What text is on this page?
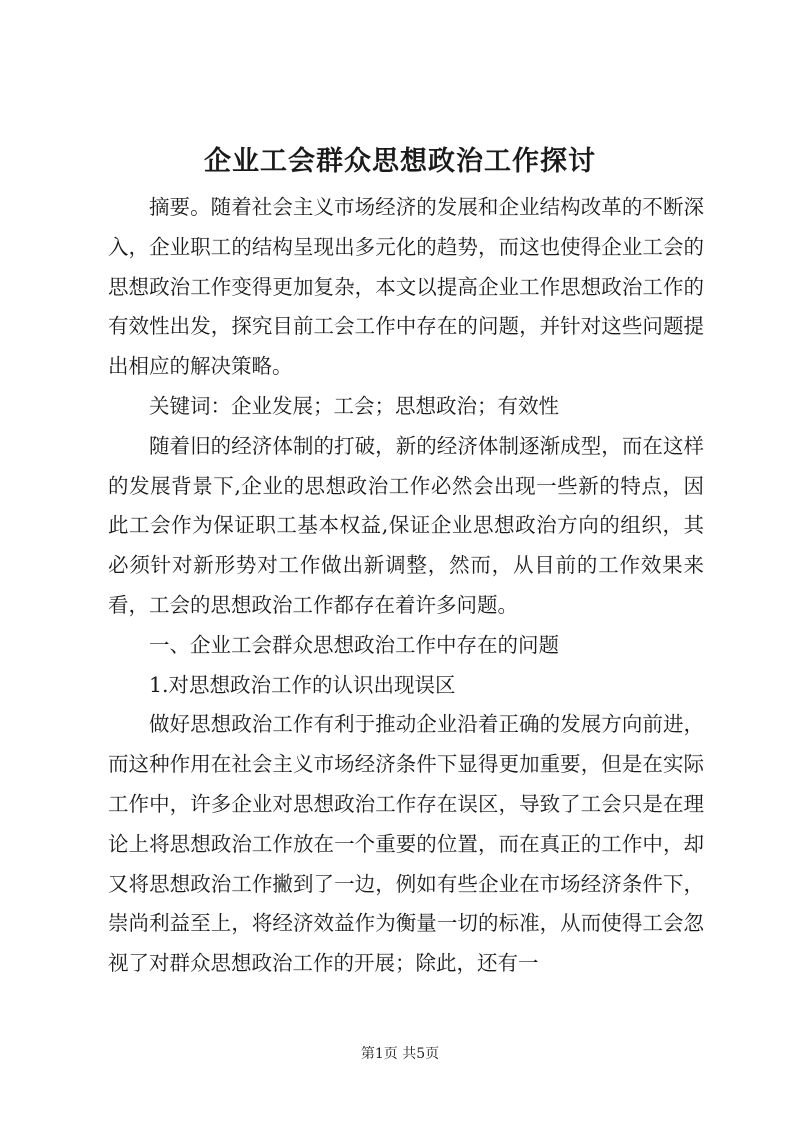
企业工会群众思想政治工作探讨

摘要。随着社会主义市场经济的发展和企业结构改革的不断深入，企业职工的结构呈现出多元化的趋势，而这也使得企业工会的思想政治工作变得更加复杂，本文以提高企业工作思想政治工作的有效性出发，探究目前工会工作中存在的问题，并针对这些问题提出相应的解决策略。

关键词：企业发展；工会；思想政治；有效性

随着旧的经济体制的打破，新的经济体制逐渐成型，而在这样的发展背景下,企业的思想政治工作必然会出现一些新的特点，因此工会作为保证职工基本权益,保证企业思想政治方向的组织，其必须针对新形势对工作做出新调整，然而，从目前的工作效果来看，工会的思想政治工作都存在着许多问题。

一、企业工会群众思想政治工作中存在的问题

1.对思想政治工作的认识出现误区

做好思想政治工作有利于推动企业沿着正确的发展方向前进，而这种作用在社会主义市场经济条件下显得更加重要，但是在实际工作中，许多企业对思想政治工作存在误区，导致了工会只是在理论上将思想政治工作放在一个重要的位置，而在真正的工作中，却又将思想政治工作撇到了一边，例如有些企业在市场经济条件下，崇尚利益至上，将经济效益作为衡量一切的标准，从而使得工会忽视了对群众思想政治工作的开展；除此，还有一

第1页 共5页
